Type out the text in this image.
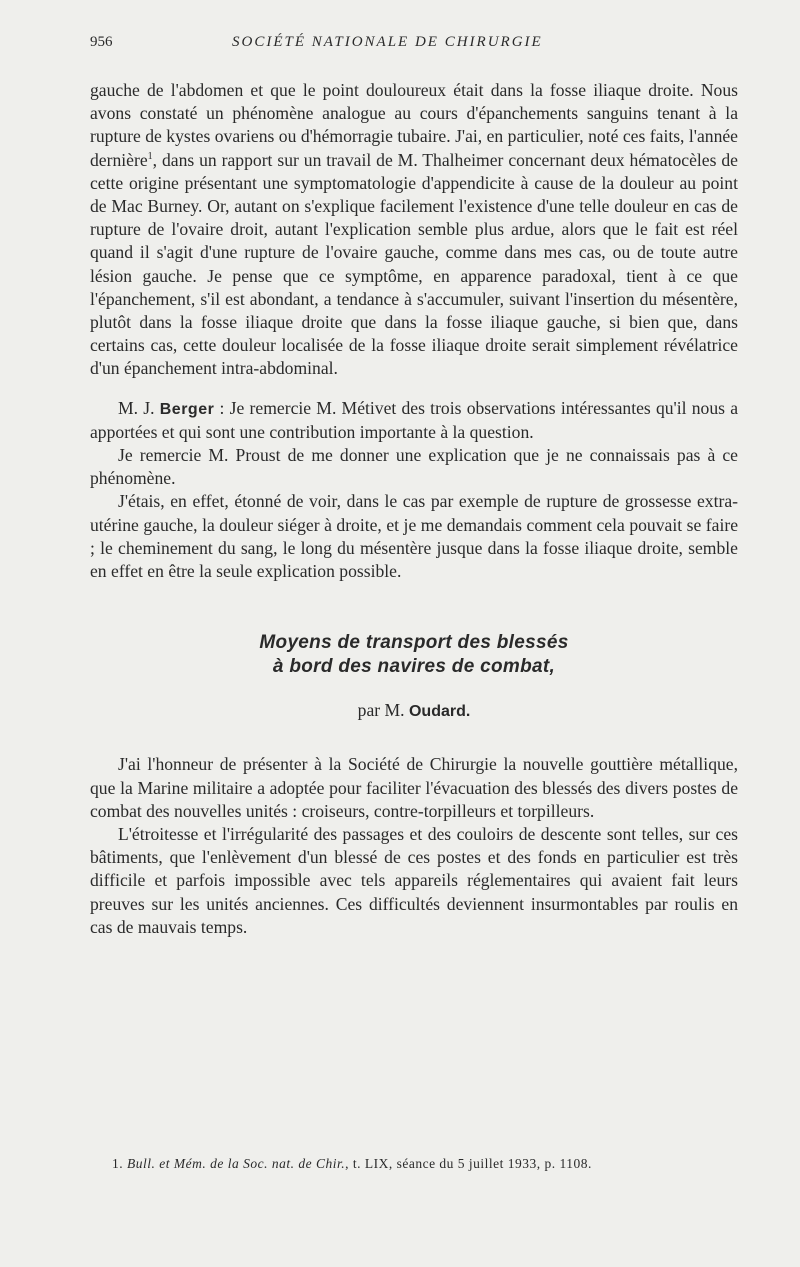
956	SOCIÉTÉ NATIONALE DE CHIRURGIE

gauche de l'abdomen et que le point douloureux était dans la fosse iliaque droite. Nous avons constaté un phénomène analogue au cours d'épanchements sanguins tenant à la rupture de kystes ovariens ou d'hémorragie tubaire. J'ai, en particulier, noté ces faits, l'année dernière$^1$, dans un rapport sur un travail de M. Thalheimer concernant deux hématocèles de cette origine présentant une symptomatologie d'appendicite à cause de la douleur au point de Mac Burney. Or, autant on s'explique facilement l'existence d'une telle douleur en cas de rupture de l'ovaire droit, autant l'explication semble plus ardue, alors que le fait est réel quand il s'agit d'une rupture de l'ovaire gauche, comme dans mes cas, ou de toute autre lésion gauche. Je pense que ce symptôme, en apparence paradoxal, tient à ce que l'épanchement, s'il est abondant, a tendance à s'accumuler, suivant l'insertion du mésentère, plutôt dans la fosse iliaque droite que dans la fosse iliaque gauche, si bien que, dans certains cas, cette douleur localisée de la fosse iliaque droite serait simplement révélatrice d'un épanchement intra-abdominal.

M. J. Berger : Je remercie M. Métivet des trois observations intéressantes qu'il nous a apportées et qui sont une contribution importante à la question.

Je remercie M. Proust de me donner une explication que je ne connaissais pas à ce phénomène.

J'étais, en effet, étonné de voir, dans le cas par exemple de rupture de grossesse extra-utérine gauche, la douleur siéger à droite, et je me demandais comment cela pouvait se faire ; le cheminement du sang, le long du mésentère jusque dans la fosse iliaque droite, semble en effet en être la seule explication possible.

Moyens de transport des blessés
à bord des navires de combat,
par M. Oudard.

J'ai l'honneur de présenter à la Société de Chirurgie la nouvelle gouttière métallique, que la Marine militaire a adoptée pour faciliter l'évacuation des blessés des divers postes de combat des nouvelles unités : croiseurs, contre-torpilleurs et torpilleurs.

L'étroitesse et l'irrégularité des passages et des couloirs de descente sont telles, sur ces bâtiments, que l'enlèvement d'un blessé de ces postes et des fonds en particulier est très difficile et parfois impossible avec tels appareils réglementaires qui avaient fait leurs preuves sur les unités anciennes. Ces difficultés deviennent insurmontables par roulis en cas de mauvais temps.

1. Bull. et Mém. de la Soc. nat. de Chir., t. LIX, séance du 5 juillet 1933, p. 1108.
